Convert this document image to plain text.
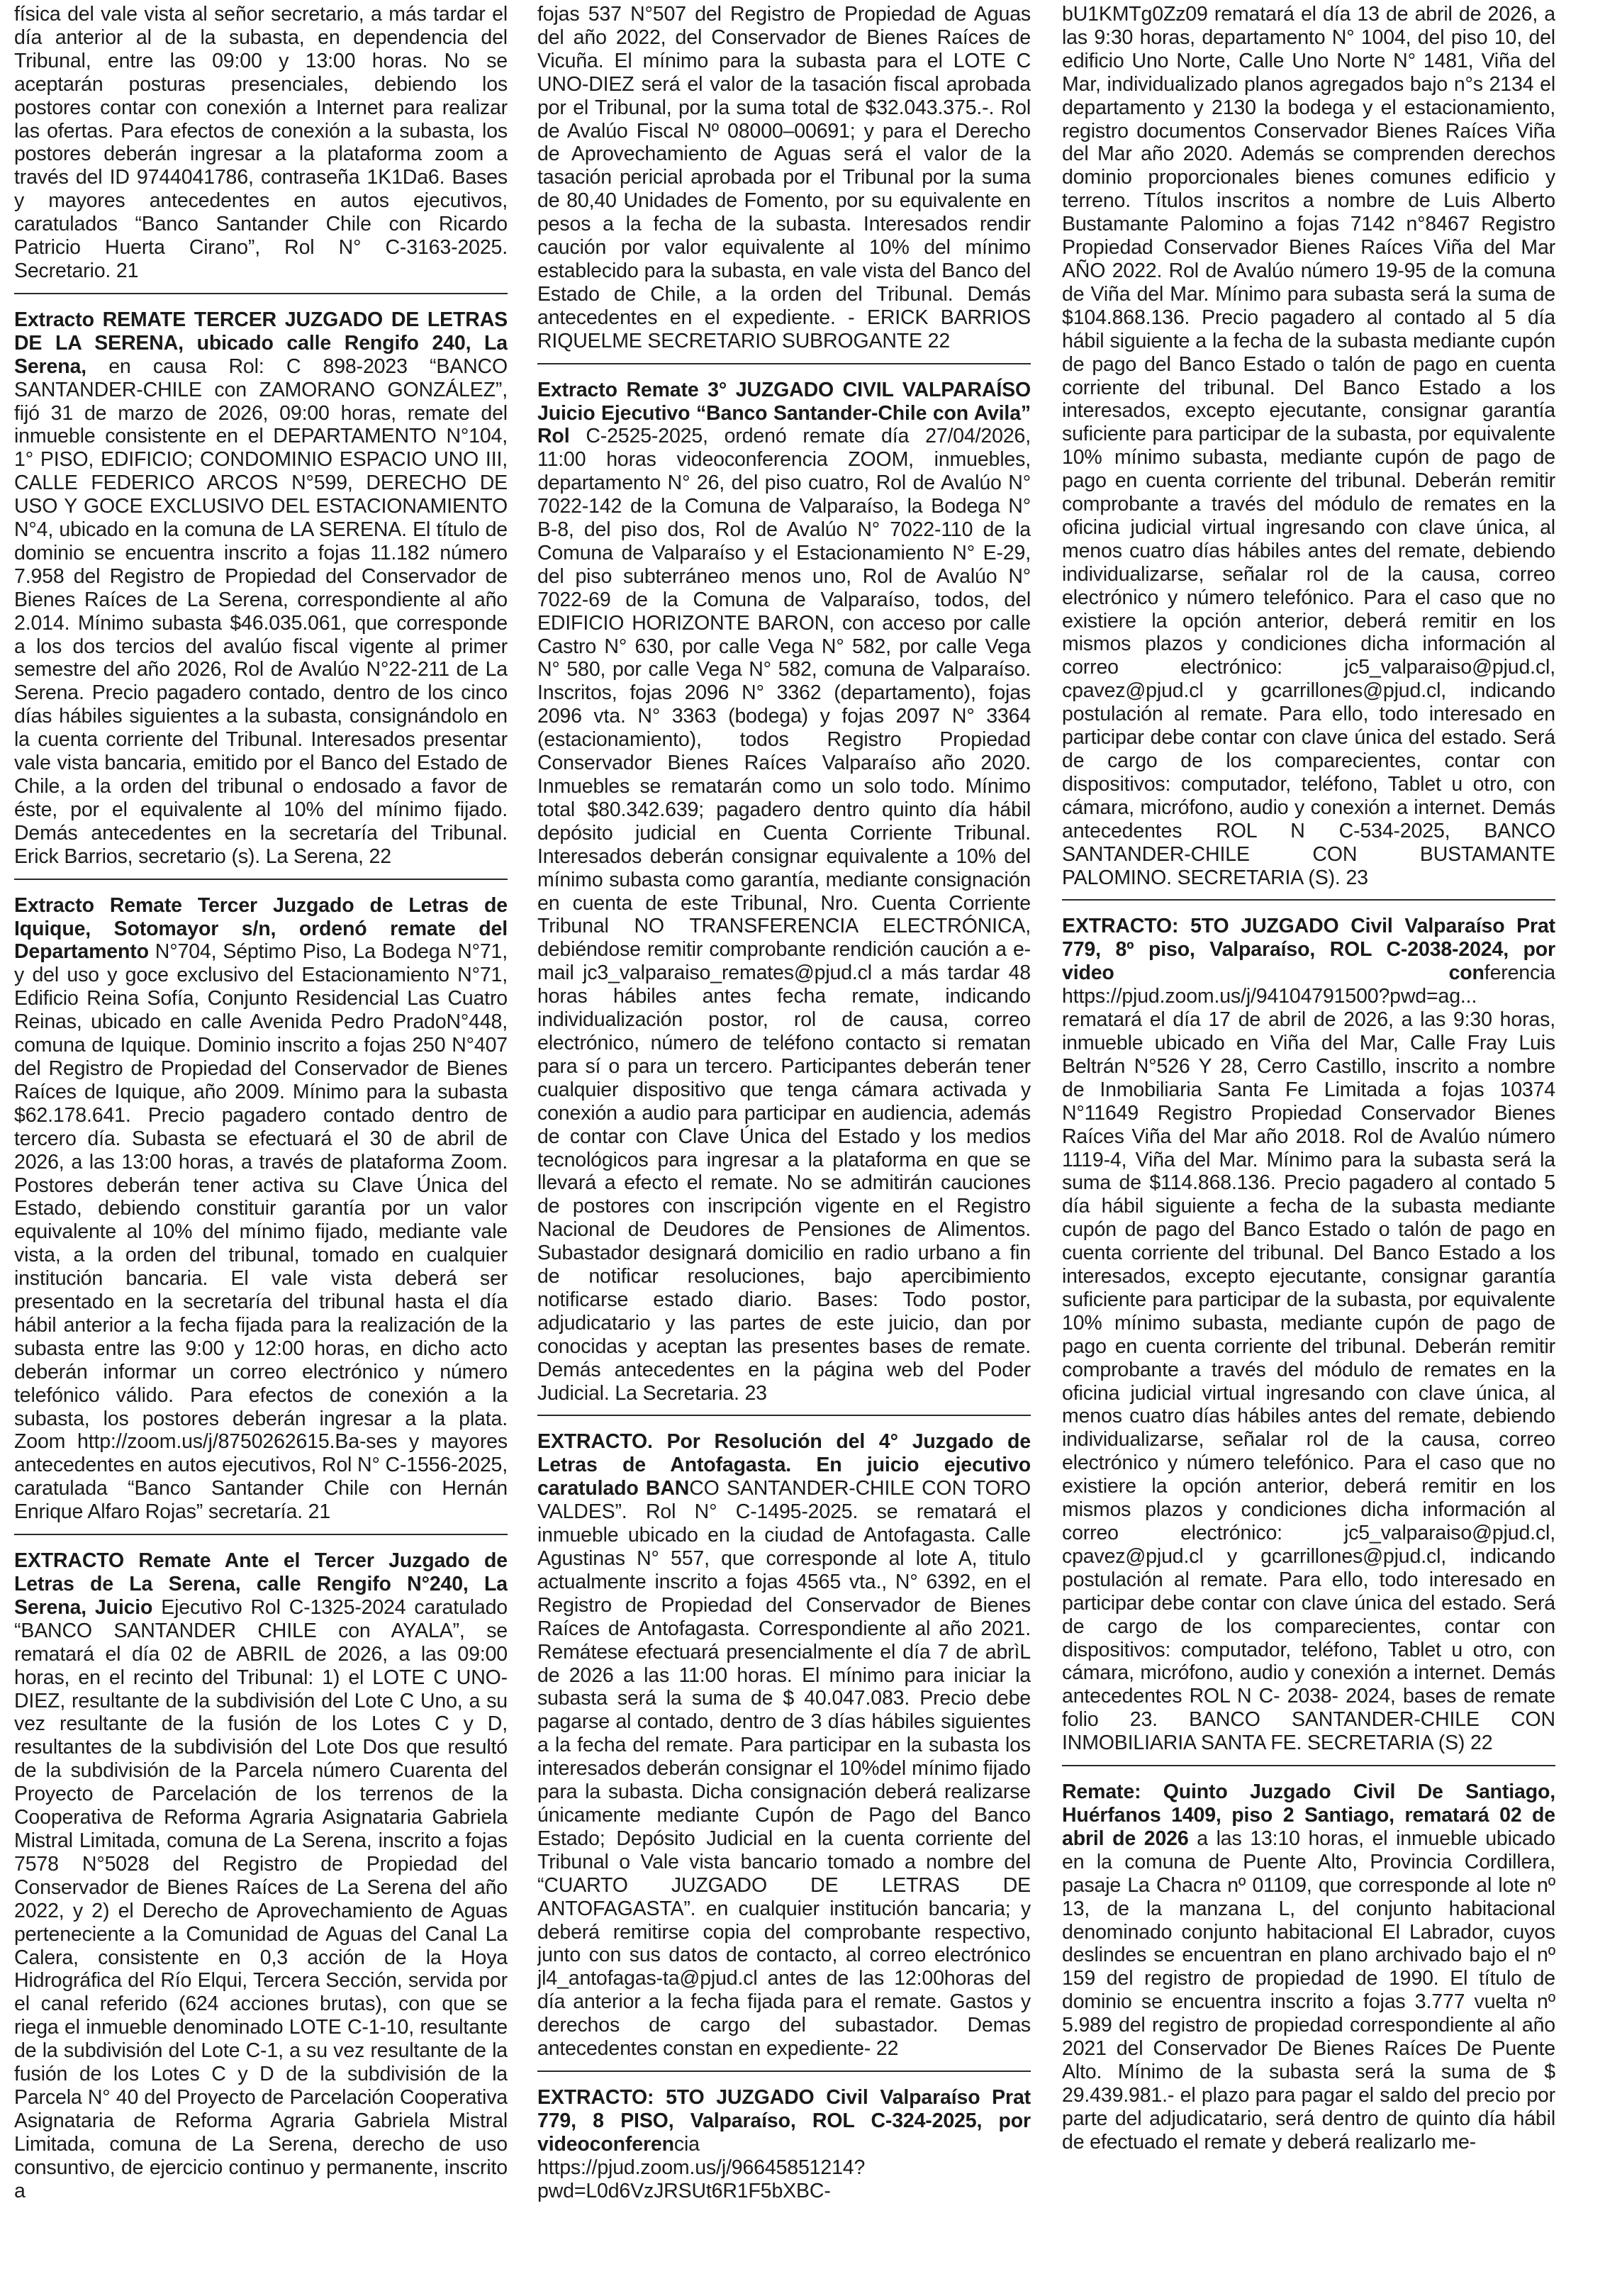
física del vale vista al señor secretario, a más tardar el día anterior al de la subasta, en dependencia del Tribunal, entre las 09:00 y 13:00 horas. No se aceptarán posturas presenciales, debiendo los postores contar con conexión a Internet para realizar las ofertas. Para efectos de conexión a la subasta, los postores deberán ingresar a la plataforma zoom a través del ID 9744041786, contraseña 1K1Da6. Bases y mayores antecedentes en autos ejecutivos, caratulados “Banco Santander Chile con Ricardo Patricio Huerta Cirano”, Rol N° C-3163-2025. Secretario. 21
Extracto REMATE TERCER JUZGADO DE LETRAS DE LA SERENA, ubicado calle Rengifo 240, La Serena, en causa Rol: C 898-2023 “BANCO SANTANDER-CHILE con ZAMORANO GONZÁLEZ”, fijó 31 de marzo de 2026, 09:00 horas, remate del inmueble consistente en el DEPARTAMENTO N°104, 1° PISO, EDIFICIO; CONDOMINIO ESPACIO UNO III, CALLE FEDERICO ARCOS N°599, DERECHO DE USO Y GOCE EXCLUSIVO DEL ESTACIONAMIENTO N°4, ubicado en la comuna de LA SERENA. El título de dominio se encuentra inscrito a fojas 11.182 número 7.958 del Registro de Propiedad del Conservador de Bienes Raíces de La Serena, correspondiente al año 2.014. Mínimo subasta $46.035.061, que corresponde a los dos tercios del avalúo fiscal vigente al primer semestre del año 2026, Rol de Avalúo N°22-211 de La Serena. Precio pagadero contado, dentro de los cinco días hábiles siguientes a la subasta, consignándolo en la cuenta corriente del Tribunal. Interesados presentar vale vista bancaria, emitido por el Banco del Estado de Chile, a la orden del tribunal o endosado a favor de éste, por el equivalente al 10% del mínimo fijado. Demás antecedentes en la secretaría del Tribunal. Erick Barrios, secretario (s). La Serena, 22
Extracto Remate Tercer Juzgado de Letras de Iquique, Sotomayor s/n, ordenó remate del Departamento N°704, Séptimo Piso, La Bodega N°71, y del uso y goce exclusivo del Estacionamiento N°71, Edificio Reina Sofía, Conjunto Residencial Las Cuatro Reinas, ubicado en calle Avenida Pedro PradoN°448, comuna de Iquique. Dominio inscrito a fojas 250 N°407 del Registro de Propiedad del Conservador de Bienes Raíces de Iquique, año 2009. Mínimo para la subasta $62.178.641. Precio pagadero contado dentro de tercero día. Subasta se efectuará el 30 de abril de 2026, a las 13:00 horas, a través de plataforma Zoom. Postores deberán tener activa su Clave Única del Estado, debiendo constituir garantía por un valor equivalente al 10% del mínimo fijado, mediante vale vista, a la orden del tribunal, tomado en cualquier institución bancaria. El vale vista deberá ser presentado en la secretaría del tribunal hasta el día hábil anterior a la fecha fijada para la realización de la subasta entre las 9:00 y 12:00 horas, en dicho acto deberán informar un correo electrónico y número telefónico válido. Para efectos de conexión a la subasta, los postores deberán ingresar a la plata. Zoom http://zoom.us/j/8750262615.Ba-ses y mayores antecedentes en autos ejecutivos, Rol N° C-1556-2025, caratulada “Banco Santander Chile con Hernán Enrique Alfaro Rojas” secretaría. 21
EXTRACTO Remate Ante el Tercer Juzgado de Letras de La Serena, calle Rengifo N°240, La Serena, Juicio Ejecutivo Rol C-1325-2024 caratulado “BANCO SANTANDER CHILE con AYALA”, se rematará el día 02 de ABRIL de 2026, a las 09:00 horas, en el recinto del Tribunal: 1) el LOTE C UNO-DIEZ, resultante de la subdivisión del Lote C Uno, a su vez resultante de la fusión de los Lotes C y D, resultantes de la subdivisión del Lote Dos que resultó de la subdivisión de la Parcela número Cuarenta del Proyecto de Parcelación de los terrenos de la Cooperativa de Reforma Agraria Asignataria Gabriela Mistral Limitada, comuna de La Serena, inscrito a fojas 7578 N°5028 del Registro de Propiedad del Conservador de Bienes Raíces de La Serena del año 2022, y 2) el Derecho de Aprovechamiento de Aguas perteneciente a la Comunidad de Aguas del Canal La Calera, consistente en 0,3 acción de la Hoya Hidrográfica del Río Elqui, Tercera Sección, servida por el canal referido (624 acciones brutas), con que se riega el inmueble denominado LOTE C-1-10, resultante de la subdivisión del Lote C-1, a su vez resultante de la fusión de los Lotes C y D de la subdivisión de la Parcela N° 40 del Proyecto de Parcelación Cooperativa Asignataria de Reforma Agraria Gabriela Mistral Limitada, comuna de La Serena, derecho de uso consuntivo, de ejercicio continuo y permanente, inscrito a
fojas 537 N°507 del Registro de Propiedad de Aguas del año 2022, del Conservador de Bienes Raíces de Vicuña. El mínimo para la subasta para el LOTE C UNO-DIEZ será el valor de la tasación fiscal aprobada por el Tribunal, por la suma total de $32.043.375.-. Rol de Avalúo Fiscal Nº 08000–00691; y para el Derecho de Aprovechamiento de Aguas será el valor de la tasación pericial aprobada por el Tribunal por la suma de 80,40 Unidades de Fomento, por su equivalente en pesos a la fecha de la subasta. Interesados rendir caución por valor equivalente al 10% del mínimo establecido para la subasta, en vale vista del Banco del Estado de Chile, a la orden del Tribunal. Demás antecedentes en el expediente. - ERICK BARRIOS RIQUELME SECRETARIO SUBROGANTE 22
Extracto Remate 3° JUZGADO CIVIL VALPARAÍSO Juicio Ejecutivo “Banco Santander-Chile con Avila” Rol C-2525-2025, ordenó remate día 27/04/2026, 11:00 horas videoconferencia ZOOM, inmuebles, departamento N° 26, del piso cuatro, Rol de Avalúo N° 7022-142 de la Comuna de Valparaíso, la Bodega N° B-8, del piso dos, Rol de Avalúo N° 7022-110 de la Comuna de Valparaíso y el Estacionamiento N° E-29, del piso subterráneo menos uno, Rol de Avalúo N° 7022-69 de la Comuna de Valparaíso, todos, del EDIFICIO HORIZONTE BARON, con acceso por calle Castro N° 630, por calle Vega N° 582, por calle Vega N° 580, por calle Vega N° 582, comuna de Valparaíso. Inscritos, fojas 2096 N° 3362 (departamento), fojas 2096 vta. N° 3363 (bodega) y fojas 2097 N° 3364 (estacionamiento), todos Registro Propiedad Conservador Bienes Raíces Valparaíso año 2020. Inmuebles se rematarán como un solo todo. Mínimo total $80.342.639; pagadero dentro quinto día hábil depósito judicial en Cuenta Corriente Tribunal. Interesados deberán consignar equivalente a 10% del mínimo subasta como garantía, mediante consignación en cuenta de este Tribunal, Nro. Cuenta Corriente Tribunal NO TRANSFERENCIA ELECTRÓNICA, debiéndose remitir comprobante rendición caución a e-mail jc3_valparaiso_remates@pjud.cl a más tardar 48 horas hábiles antes fecha remate, indicando individualización postor, rol de causa, correo electrónico, número de teléfono contacto si rematan para sí o para un tercero. Participantes deberán tener cualquier dispositivo que tenga cámara activada y conexión a audio para participar en audiencia, además de contar con Clave Única del Estado y los medios tecnológicos para ingresar a la plataforma en que se llevará a efecto el remate. No se admitirán cauciones de postores con inscripción vigente en el Registro Nacional de Deudores de Pensiones de Alimentos. Subastador designará domicilio en radio urbano a fin de notificar resoluciones, bajo apercibimiento notificarse estado diario. Bases: Todo postor, adjudicatario y las partes de este juicio, dan por conocidas y aceptan las presentes bases de remate. Demás antecedentes en la página web del Poder Judicial. La Secretaria. 23
EXTRACTO. Por Resolución del 4° Juzgado de Letras de Antofagasta. En juicio ejecutivo caratulado BANCO SANTANDER-CHILE CON TORO VALDES”. Rol N° C-1495-2025. se rematará el inmueble ubicado en la ciudad de Antofagasta. Calle Agustinas N° 557, que corresponde al lote A, titulo actualmente inscrito a fojas 4565 vta., N° 6392, en el Registro de Propiedad del Conservador de Bienes Raíces de Antofagasta. Correspondiente al año 2021. Remátese efectuará presencialmente el día 7 de abrìL de 2026 a las 11:00 horas. El mínimo para iniciar la subasta será la suma de $ 40.047.083. Precio debe pagarse al contado, dentro de 3 días hábiles siguientes a la fecha del remate. Para participar en la subasta los interesados deberán consignar el 10%del mínimo fijado para la subasta. Dicha consignación deberá realizarse únicamente mediante Cupón de Pago del Banco Estado; Depósito Judicial en la cuenta corriente del Tribunal o Vale vista bancario tomado a nombre del “CUARTO JUZGADO DE LETRAS DE ANTOFAGASTA”. en cualquier institución bancaria; y deberá remitirse copia del comprobante respectivo, junto con sus datos de contacto, al correo electrónico jl4_antofagas-ta@pjud.cl antes de las 12:00horas del día anterior a la fecha fijada para el remate. Gastos y derechos de cargo del subastador. Demas antecedentes constan en expediente- 22
EXTRACTO: 5TO JUZGADO Civil Valparaíso Prat 779, 8 PISO, Valparaíso, ROL C-324-2025, por videoconferencia https://pjud.zoom.us/j/96645851214?pwd=L0d6VzJRSUt6R1F5bXBC-
bU1KMTg0Zz09 rematará el día 13 de abril de 2026, a las 9:30 horas, departamento N° 1004, del piso 10, del edificio Uno Norte, Calle Uno Norte N° 1481, Viña del Mar, individualizado planos agregados bajo n°s 2134 el departamento y 2130 la bodega y el estacionamiento, registro documentos Conservador Bienes Raíces Viña del Mar año 2020. Además se comprenden derechos dominio proporcionales bienes comunes edificio y terreno. Títulos inscritos a nombre de Luis Alberto Bustamante Palomino a fojas 7142 n°8467 Registro Propiedad Conservador Bienes Raíces Viña del Mar AÑO 2022. Rol de Avalúo número 19-95 de la comuna de Viña del Mar. Mínimo para subasta será la suma de $104.868.136. Precio pagadero al contado al 5 día hábil siguiente a la fecha de la subasta mediante cupón de pago del Banco Estado o talón de pago en cuenta corriente del tribunal. Del Banco Estado a los interesados, excepto ejecutante, consignar garantía suficiente para participar de la subasta, por equivalente 10% mínimo subasta, mediante cupón de pago de pago en cuenta corriente del tribunal. Deberán remitir comprobante a través del módulo de remates en la oficina judicial virtual ingresando con clave única, al menos cuatro días hábiles antes del remate, debiendo individualizarse, señalar rol de la causa, correo electrónico y número telefónico. Para el caso que no existiere la opción anterior, deberá remitir en los mismos plazos y condiciones dicha información al correo electrónico: jc5_valparaiso@pjud.cl, cpavez@pjud.cl y gcarrillones@pjud.cl, indicando postulación al remate. Para ello, todo interesado en participar debe contar con clave única del estado. Será de cargo de los comparecientes, contar con dispositivos: computador, teléfono, Tablet u otro, con cámara, micrófono, audio y conexión a internet. Demás antecedentes ROL N C-534-2025, BANCO SANTANDER-CHILE CON BUSTAMANTE PALOMINO. SECRETARIA (S). 23
EXTRACTO: 5TO JUZGADO Civil Valparaíso Prat 779, 8º piso, Valparaíso, ROL C-2038-2024, por video conferencia https://pjud.zoom.us/j/94104791500?pwd=ag... rematará el día 17 de abril de 2026, a las 9:30 horas, inmueble ubicado en Viña del Mar, Calle Fray Luis Beltrán N°526 Y 28, Cerro Castillo, inscrito a nombre de Inmobiliaria Santa Fe Limitada a fojas 10374 N°11649 Registro Propiedad Conservador Bienes Raíces Viña del Mar año 2018. Rol de Avalúo número 1119-4, Viña del Mar. Mínimo para la subasta será la suma de $114.868.136. Precio pagadero al contado 5 día hábil siguiente a fecha de la subasta mediante cupón de pago del Banco Estado o talón de pago en cuenta corriente del tribunal. Del Banco Estado a los interesados, excepto ejecutante, consignar garantía suficiente para participar de la subasta, por equivalente 10% mínimo subasta, mediante cupón de pago de pago en cuenta corriente del tribunal. Deberán remitir comprobante a través del módulo de remates en la oficina judicial virtual ingresando con clave única, al menos cuatro días hábiles antes del remate, debiendo individualizarse, señalar rol de la causa, correo electrónico y número telefónico. Para el caso que no existiere la opción anterior, deberá remitir en los mismos plazos y condiciones dicha información al correo electrónico: jc5_valparaiso@pjud.cl, cpavez@pjud.cl y gcarrillones@pjud.cl, indicando postulación al remate. Para ello, todo interesado en participar debe contar con clave única del estado. Será de cargo de los comparecientes, contar con dispositivos: computador, teléfono, Tablet u otro, con cámara, micrófono, audio y conexión a internet. Demás antecedentes ROL N C- 2038- 2024, bases de remate folio 23. BANCO SANTANDER-CHILE CON INMOBILIARIA SANTA FE. SECRETARIA (S) 22
Remate: Quinto Juzgado Civil De Santiago, Huérfanos 1409, piso 2 Santiago, rematará 02 de abril de 2026 a las 13:10 horas, el inmueble ubicado en la comuna de Puente Alto, Provincia Cordillera, pasaje La Chacra nº 01109, que corresponde al lote nº 13, de la manzana L, del conjunto habitacional denominado conjunto habitacional El Labrador, cuyos deslindes se encuentran en plano archivado bajo el nº 159 del registro de propiedad de 1990. El título de dominio se encuentra inscrito a fojas 3.777 vuelta nº 5.989 del registro de propiedad correspondiente al año 2021 del Conservador De Bienes Raíces De Puente Alto. Mínimo de la subasta será la suma de $ 29.439.981.- el plazo para pagar el saldo del precio por parte del adjudicatario, será dentro de quinto día hábil de efectuado el remate y deberá realizarlo me-
